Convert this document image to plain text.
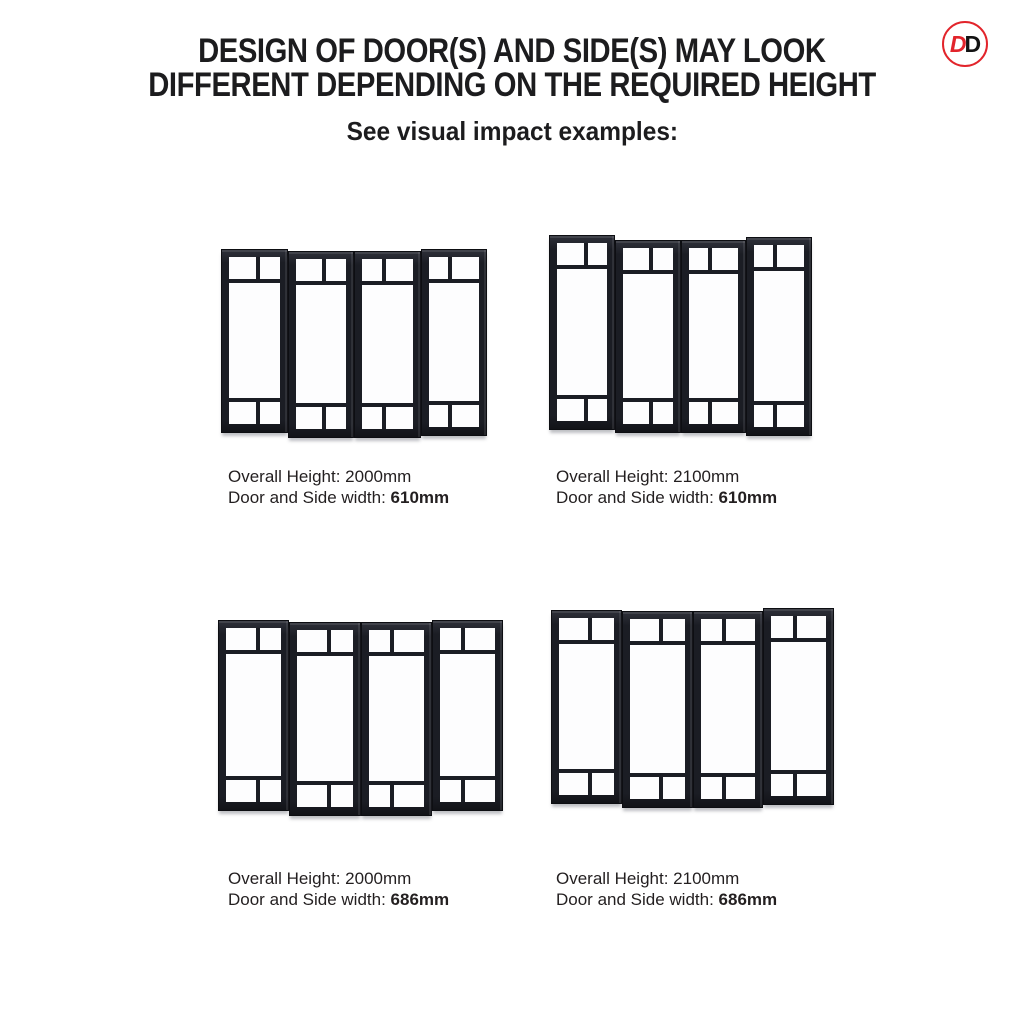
DESIGN OF DOOR(S) AND SIDE(S) MAY LOOK
DIFFERENT DEPENDING ON THE REQUIRED HEIGHT
See visual impact examples:
D D
Overall Height: 2000mm
Door and Side width: 610mm
Overall Height: 2100mm
Door and Side width: 610mm
Overall Height: 2000mm
Door and Side width: 686mm
Overall Height: 2100mm
Door and Side width: 686mm
